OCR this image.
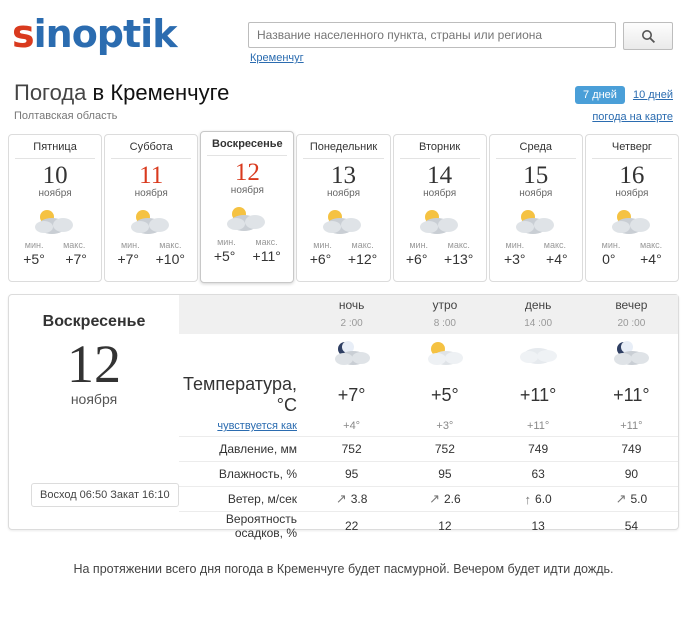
sinoptik
Название населенного пункта, страны или региона
Кременчуг
Погода в Кременчуге
Полтавская область
7 дней 10 дней
погода на карте
Пятница
10
ноября
мин. макс.
+5° +7°
Суббота
11
ноября
мин. макс.
+7° +10°
Воскресенье
12
ноября
мин. макс.
+5° +11°
Понедельник
13
ноября
мин. макс.
+6° +12°
Вторник
14
ноября
мин. макс.
+6° +13°
Среда
15
ноября
мин. макс.
+3° +4°
Четверг
16
ноября
мин. макс.
0° +4°
Воскресенье
12
ноября
Восход 06:50 Закат 16:10
	ночь	утро	день	вечер
	2 :00	8 :00	14 :00	20 :00

Температура, °C	+7°	+5°	+11°	+11°
чувствуется как	+4°	+3°	+11°	+11°
Давление, мм	752	752	749	749
Влажность, %	95	95	63	90
Ветер, м/сек	↗ 3.8	↗ 2.6	↑ 6.0	↗ 5.0

Вероятность осадков, %	22	12	13	54
На протяжении всего дня погода в Кременчуге будет пасмурной. Вечером будет идти дождь.
